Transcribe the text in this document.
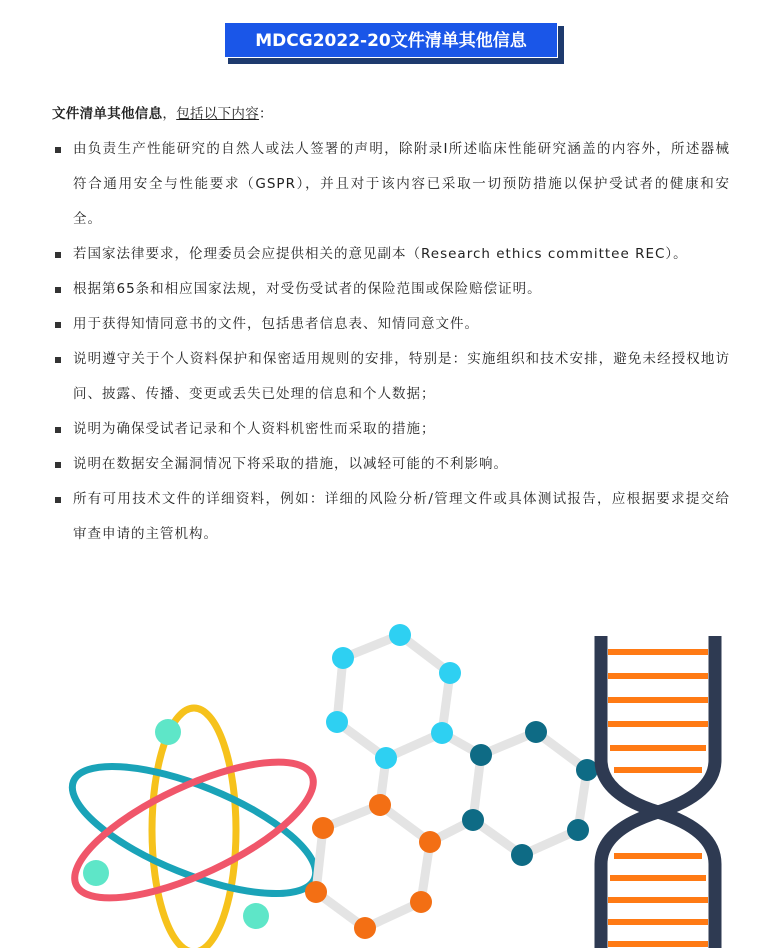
MDCG2022-20文件清单其他信息

文件清单其他信息，包括以下内容：

由负责生产性能研究的自然人或法人签署的声明，除附录I所述临床性能研究涵盖的内容外，所述器械符合通用安全与性能要求（GSPR），并且对于该内容已采取一切预防措施以保护受试者的健康和安全。
若国家法律要求，伦理委员会应提供相关的意见副本（Research ethics committee REC）。
根据第65条和相应国家法规，对受伤受试者的保险范围或保险赔偿证明。
用于获得知情同意书的文件，包括患者信息表、知情同意文件。
说明遵守关于个人资料保护和保密适用规则的安排，特别是：实施组织和技术安排，避免未经授权地访问、披露、传播、变更或丢失已处理的信息和个人数据；
说明为确保受试者记录和个人资料机密性而采取的措施；
说明在数据安全漏洞情况下将采取的措施，以减轻可能的不利影响。
所有可用技术文件的详细资料，例如：详细的风险分析/管理文件或具体测试报告，应根据要求提交给审查申请的主管机构。
